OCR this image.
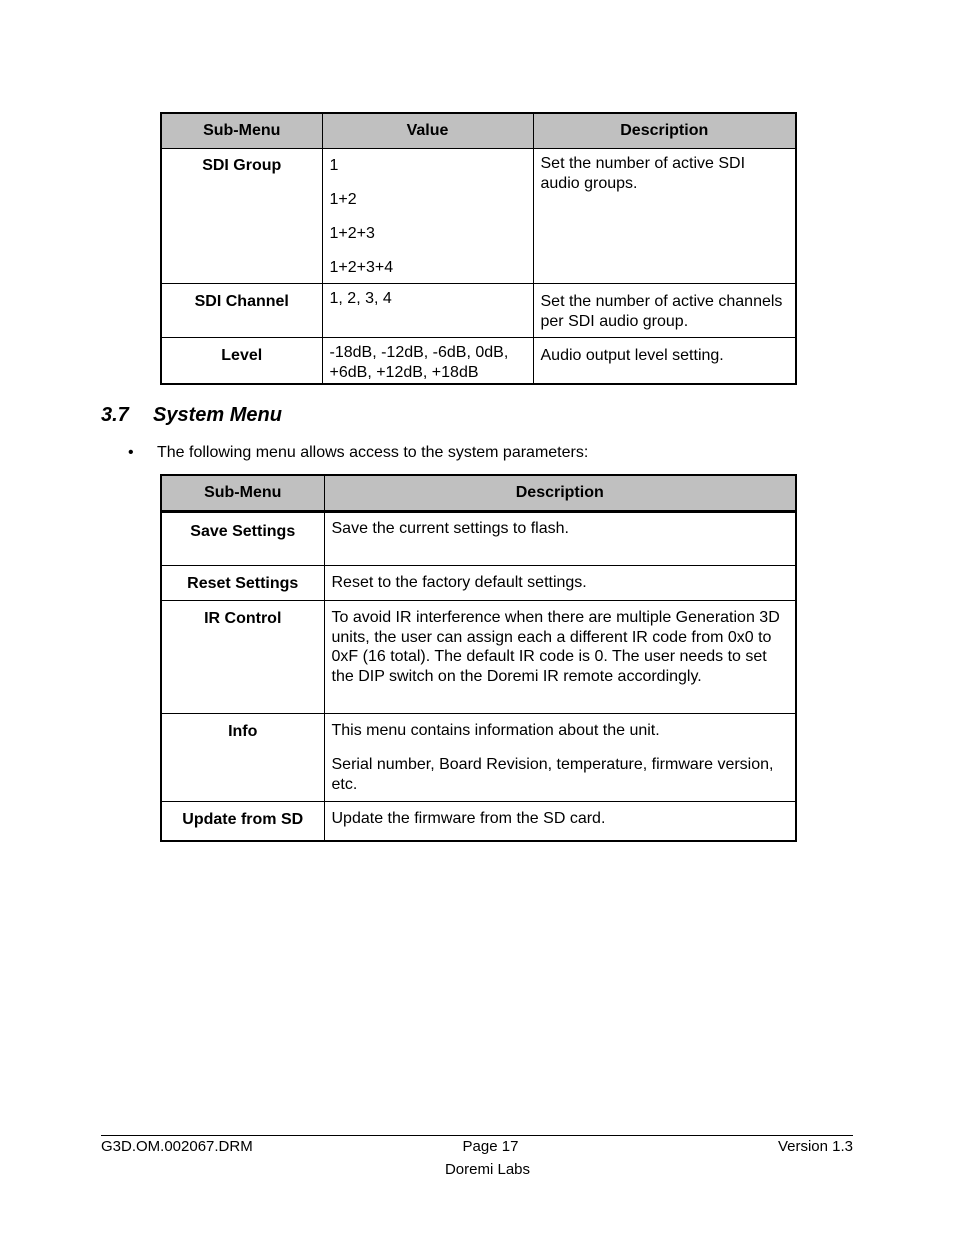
Sub-Menu	Value	Description
SDI Group	1

1+2

1+2+3

1+2+3+4	Set the number of active SDI audio groups.
SDI Channel	1, 2, 3, 4	Set the number of active channels per SDI audio group.
Level	-18dB, -12dB, -6dB, 0dB, +6dB, +12dB, +18dB	Audio output level setting.
3.7 System Menu
• The following menu allows access to the system parameters:
Sub-Menu	Description
Save Settings	Save the current settings to flash.

Reset Settings	Reset to the factory default settings.

IR Control	To avoid IR interference when there are multiple Generation 3D units, the user can assign each a different IR code from 0x0 to 0xF (16 total). The default IR code is 0. The user needs to set the DIP switch on the Doremi IR remote accordingly.

Info	This menu contains information about the unit.

Serial number, Board Revision, temperature, firmware version, etc.

Update from SD	Update the firmware from the SD card.

G3D.OM.002067.DRM	Page 17	Version 1.3
Doremi Labs
